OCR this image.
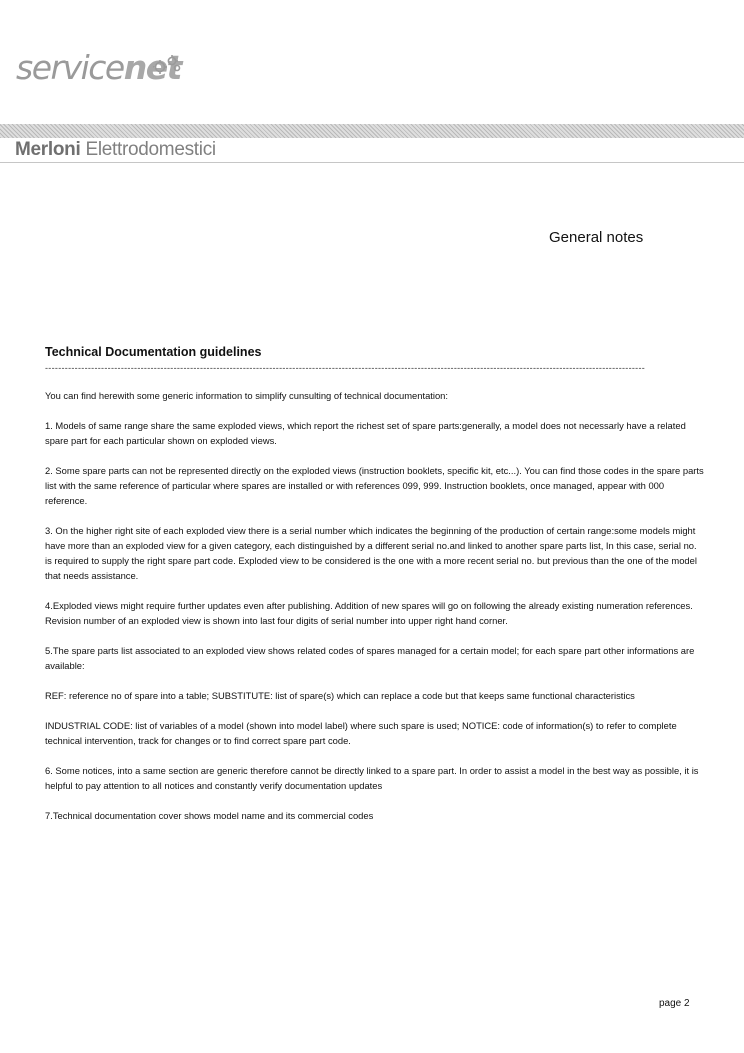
servicenet
Merloni Elettrodomestici
General notes
Technical Documentation guidelines
--------------------------------------------------------------------------------------------------------------------------------------------------------------------------------------

You can find herewith some generic information to simplify cunsulting of technical documentation:

1. Models of same range share the same exploded views, which report the richest set of spare parts:generally, a model does not necessarly have a related spare part for each particular shown on exploded views.

2. Some spare parts can not be represented directly on the exploded views (instruction booklets, specific kit, etc...). You can find those codes in the spare parts list with the same reference of particular where spares are installed or with references 099, 999. Instruction booklets, once managed, appear with 000 reference.

3. On the higher right site of each exploded view there is a serial number which indicates the beginning of the production of certain range:some models might have more than an exploded view for a given category, each distinguished by a different serial no.and linked to another spare parts list, In this case, serial no. is required to supply the right spare part code. Exploded view to be considered is the one with a more recent serial no. but previous than the one of the model that needs assistance.

4.Exploded views might require further updates even after publishing. Addition of new spares will go on following the already existing numeration references. Revision number of an exploded view is shown into last four digits of serial number into upper right hand corner.

5.The spare parts list associated to an exploded view shows related codes of spares managed for a certain model; for each spare part other informations are available:

REF: reference no of spare into a table; SUBSTITUTE: list of spare(s) which can replace a code but that keeps same functional characteristics

INDUSTRIAL CODE: list of variables of a model (shown into model label) where such spare is used; NOTICE: code of information(s) to refer to complete technical intervention, track for changes or to find correct spare part code.

6. Some notices, into a same section are generic therefore cannot be directly linked to a spare part. In order to assist a model in the best way as possible, it is helpful to pay attention to all notices and constantly verify documentation updates

7.Technical documentation cover shows model name and its commercial codes

page 2
